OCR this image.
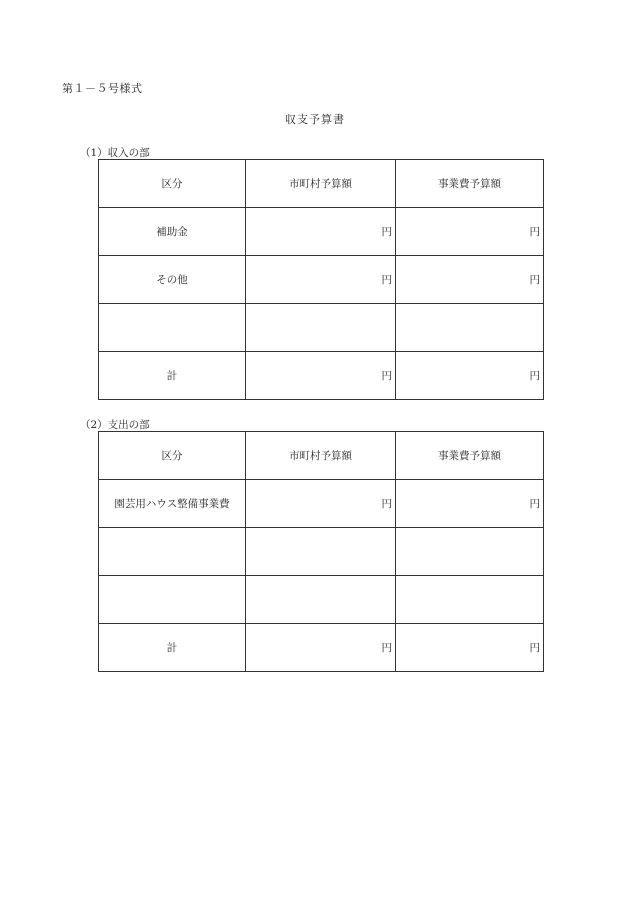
第１－５号様式
収支予算書
（1）収入の部
区分	市町村予算額	事業費予算額
補助金	円	円
その他	円	円

計	円	円
（2）支出の部
区分	市町村予算額	事業費予算額
園芸用ハウス整備事業費	円	円

計	円	円
